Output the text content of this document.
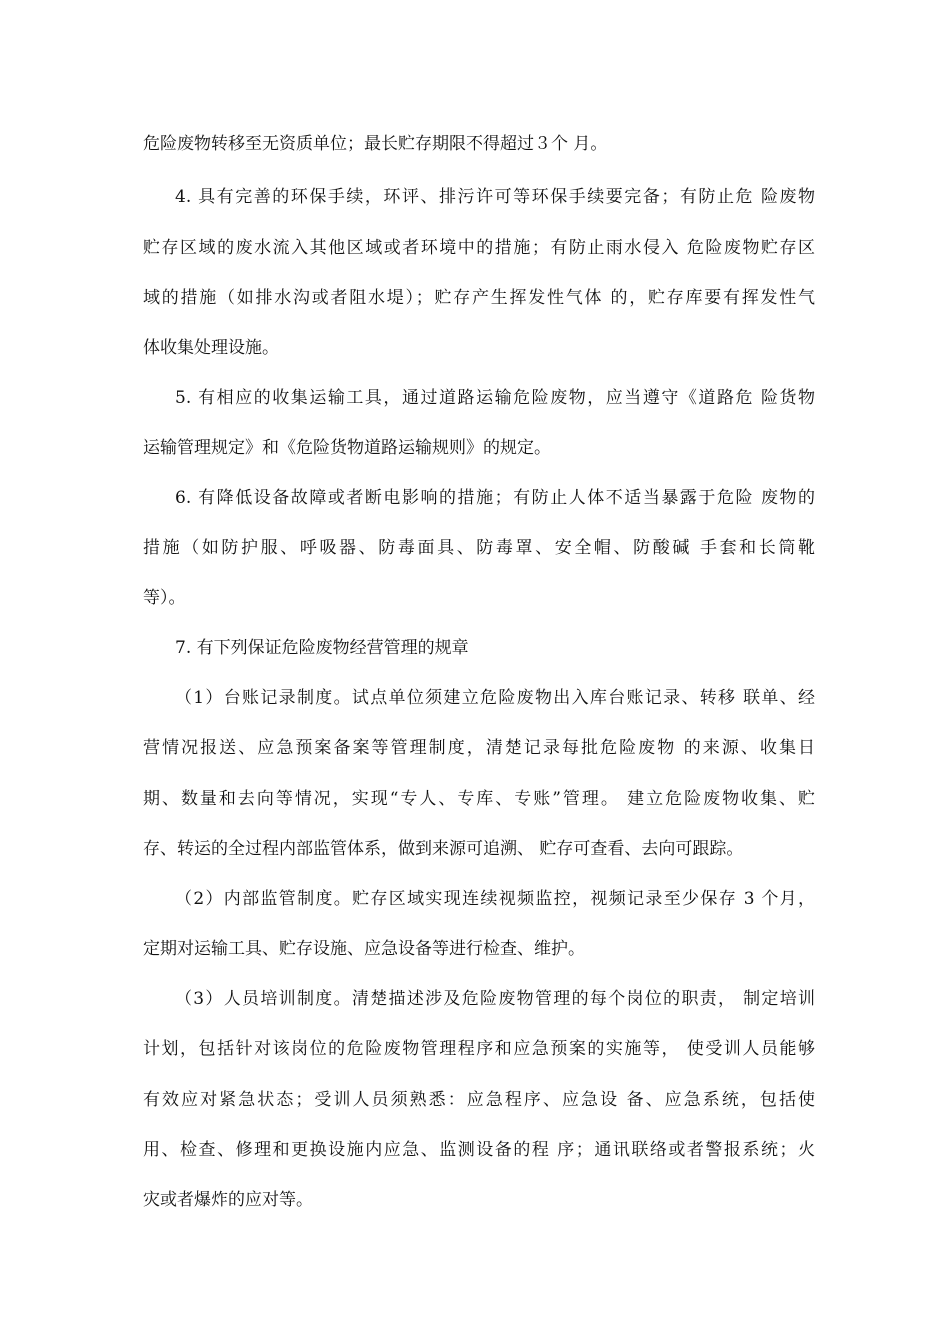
危险废物转移至无资质单位；最长贮存期限不得超过３个 月。
4. 具有完善的环保手续，环评、排污许可等环保手续要完备；有防止危 险废物
贮存区域的废水流入其他区域或者环境中的措施；有防止雨水侵入 危险废物贮存区
域的措施（如排水沟或者阻水堤）；贮存产生挥发性气体 的，贮存库要有挥发性气
体收集处理设施。
5. 有相应的收集运输工具，通过道路运输危险废物，应当遵守《道路危 险货物
运输管理规定》和《危险货物道路运输规则》的规定。
6. 有降低设备故障或者断电影响的措施；有防止人体不适当暴露于危险 废物的
措施（如防护服、呼吸器、防毒面具、防毒罩、安全帽、防酸碱 手套和长筒靴
等）。
7. 有下列保证危险废物经营管理的规章
（1）台账记录制度。试点单位须建立危险废物出入库台账记录、转移 联单、经
营情况报送、应急预案备案等管理制度，清楚记录每批危险废物 的来源、收集日
期、数量和去向等情况，实现“专人、专库、专账”管理。 建立危险废物收集、贮
存、转运的全过程内部监管体系，做到来源可追溯、 贮存可查看、去向可跟踪。
（2）内部监管制度。贮存区域实现连续视频监控，视频记录至少保存 3 个月，
定期对运输工具、贮存设施、应急设备等进行检查、维护。
（3）人员培训制度。清楚描述涉及危险废物管理的每个岗位的职责， 制定培训
计划，包括针对该岗位的危险废物管理程序和应急预案的实施等， 使受训人员能够
有效应对紧急状态；受训人员须熟悉：应急程序、应急设 备、应急系统，包括使
用、检查、修理和更换设施内应急、监测设备的程 序；通讯联络或者警报系统；火
灾或者爆炸的应对等。
